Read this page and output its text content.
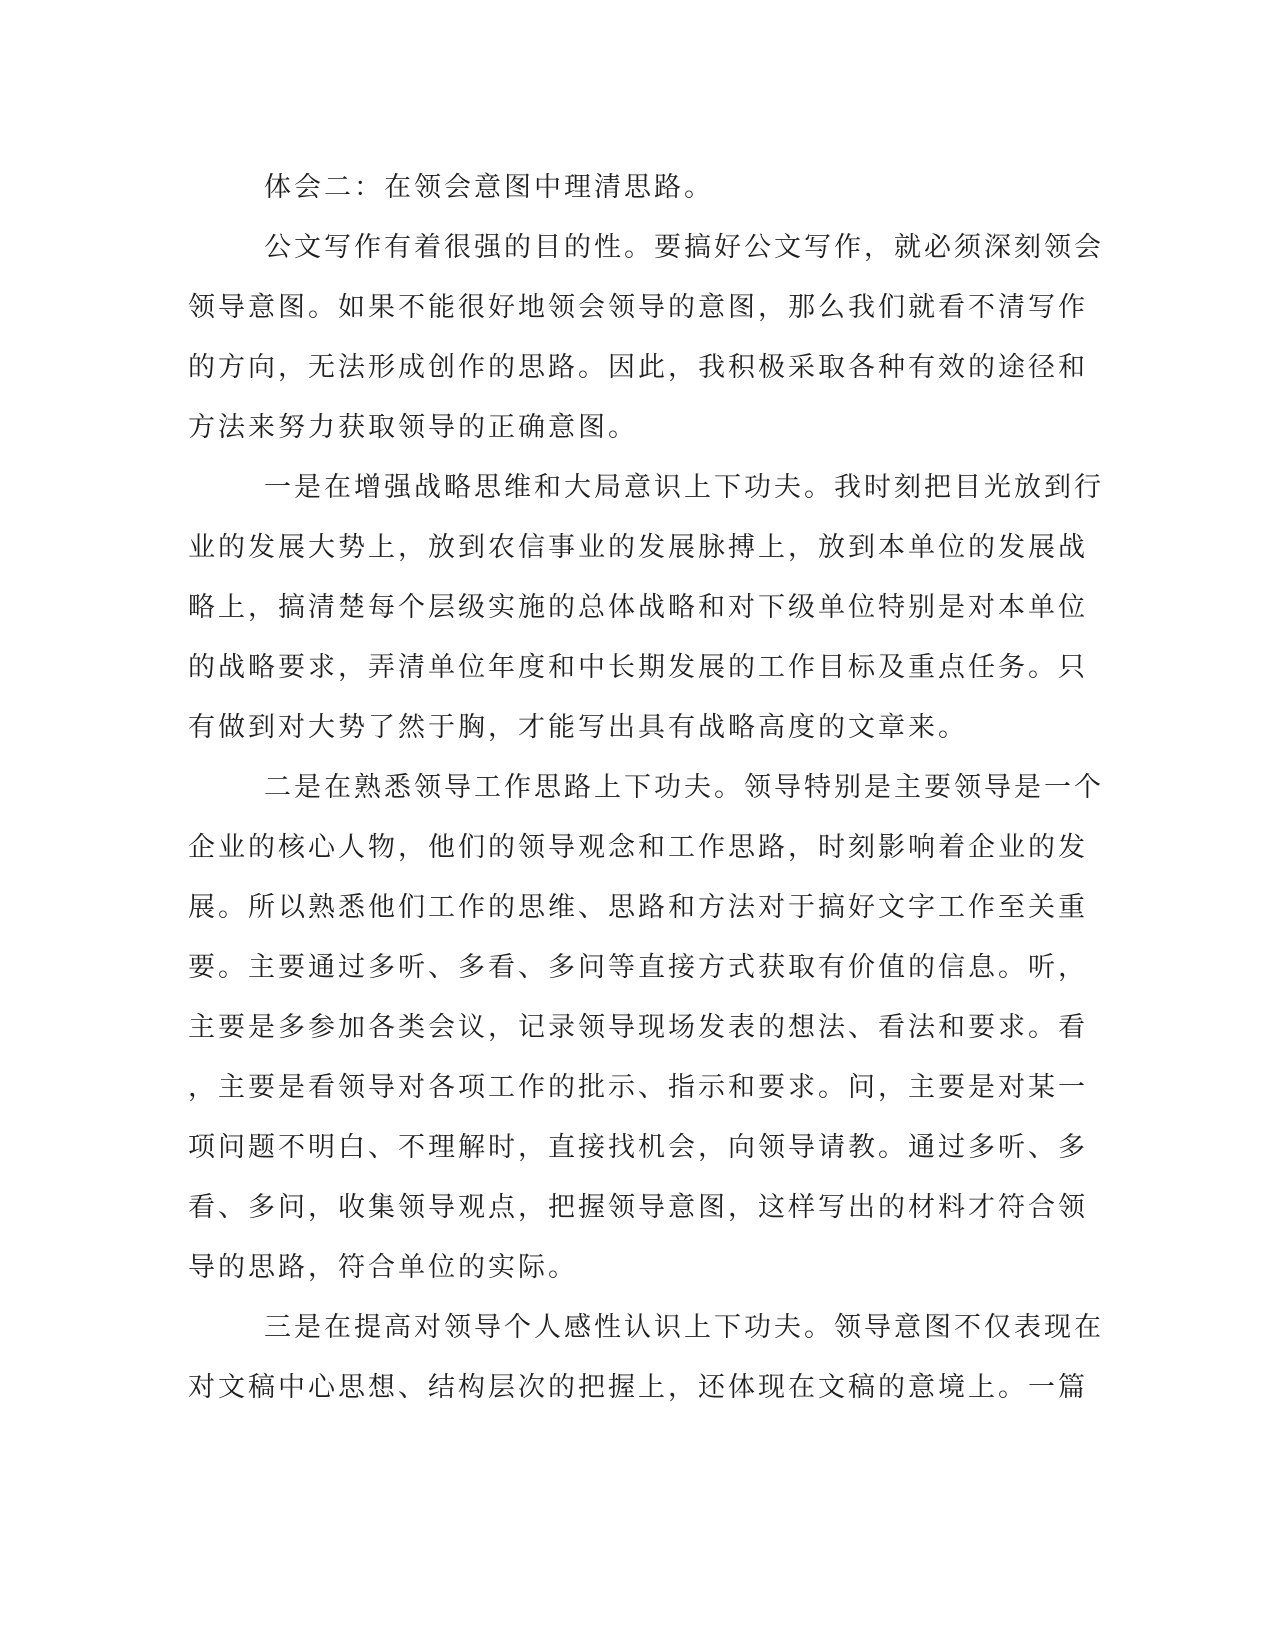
体会二：在领会意图中理清思路。
公文写作有着很强的目的性。要搞好公文写作，就必须深刻领会
领导意图。如果不能很好地领会领导的意图，那么我们就看不清写作
的方向，无法形成创作的思路。因此，我积极采取各种有效的途径和
方法来努力获取领导的正确意图。
一是在增强战略思维和大局意识上下功夫。我时刻把目光放到行
业的发展大势上，放到农信事业的发展脉搏上，放到本单位的发展战
略上，搞清楚每个层级实施的总体战略和对下级单位特别是对本单位
的战略要求，弄清单位年度和中长期发展的工作目标及重点任务。只
有做到对大势了然于胸，才能写出具有战略高度的文章来。
二是在熟悉领导工作思路上下功夫。领导特别是主要领导是一个
企业的核心人物，他们的领导观念和工作思路，时刻影响着企业的发
展。所以熟悉他们工作的思维、思路和方法对于搞好文字工作至关重
要。主要通过多听、多看、多问等直接方式获取有价值的信息。听，
主要是多参加各类会议，记录领导现场发表的想法、看法和要求。看
，主要是看领导对各项工作的批示、指示和要求。问，主要是对某一
项问题不明白、不理解时，直接找机会，向领导请教。通过多听、多
看、多问，收集领导观点，把握领导意图，这样写出的材料才符合领
导的思路，符合单位的实际。
三是在提高对领导个人感性认识上下功夫。领导意图不仅表现在
对文稿中心思想、结构层次的把握上，还体现在文稿的意境上。一篇
